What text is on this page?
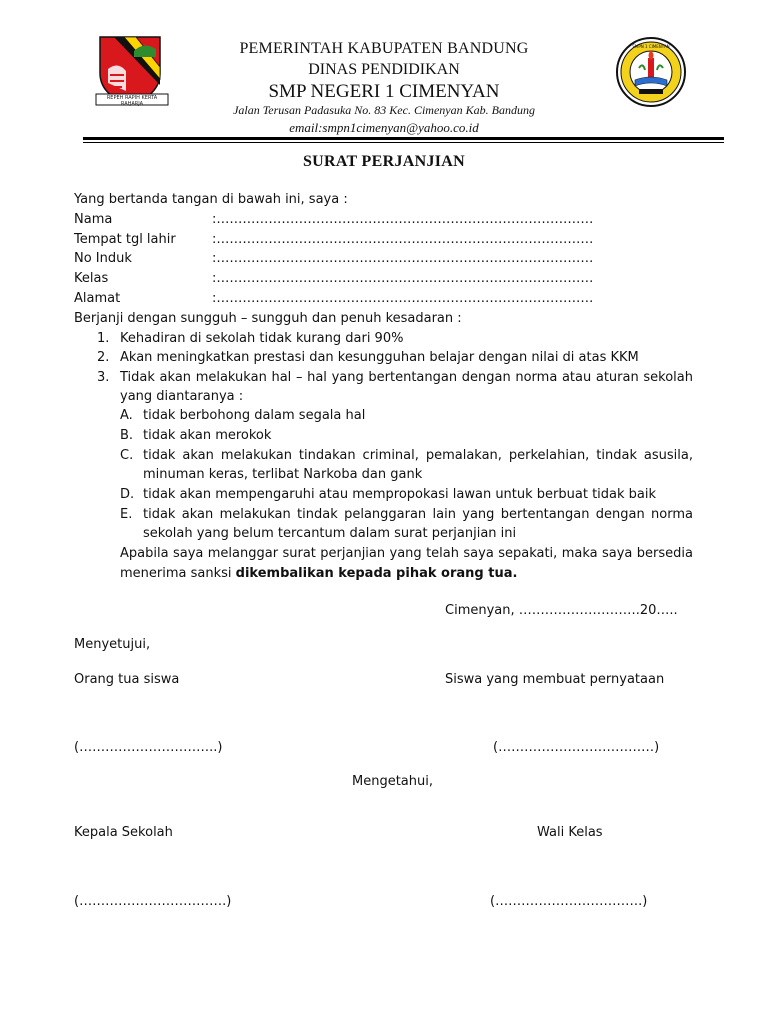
REPEH RAPIH KERTA RAHARJA
PEMERINTAH KABUPATEN BANDUNG
DINAS PENDIDIKAN
SMP NEGERI 1 CIMENYAN
Jalan Terusan Padasuka No. 83 Kec. Cimenyan Kab. Bandung
email:smpn1cimenyan@yahoo.co.id
SMPN 1 CIMENYAN
SURAT PERJANJIAN
Yang bertanda tangan di bawah ini, saya :
Nama	:……………………………………………………………………………
Tempat tgl lahir	:……………………………………………………………………………
No Induk	:……………………………………………………………………………
Kelas	:……………………………………………………………………………
Alamat	:……………………………………………………………………………
Berjanji dengan sungguh – sungguh dan penuh kesadaran :
1. Kehadiran di sekolah tidak kurang dari 90%
2. Akan meningkatkan prestasi dan kesungguhan belajar dengan nilai di atas KKM
3. Tidak akan melakukan hal – hal yang bertentangan dengan norma atau aturan sekolah
yang diantaranya :
A. tidak berbohong dalam segala hal
B. tidak akan merokok
C. tidak akan melakukan tindakan criminal, pemalakan, perkelahian, tindak asusila,
minuman keras, terlibat Narkoba dan gank
D. tidak akan mempengaruhi atau mempropokasi lawan untuk berbuat tidak baik
E. tidak akan melakukan tindak pelanggaran lain yang bertentangan dengan norma
sekolah yang belum tercantum dalam surat perjanjian ini
Apabila saya melanggar surat perjanjian yang telah saya sepakati, maka saya bersedia
menerima sanksi dikembalikan kepada pihak orang tua.
Cimenyan, ……………………….20…..
Menyetujui,
Orang tua siswa	Siswa yang membuat pernyataan
(…………………………..)	(………………………………)
Mengetahui,
Kepala Sekolah	Wali Kelas
(…………………………….)	(…………………………….)
